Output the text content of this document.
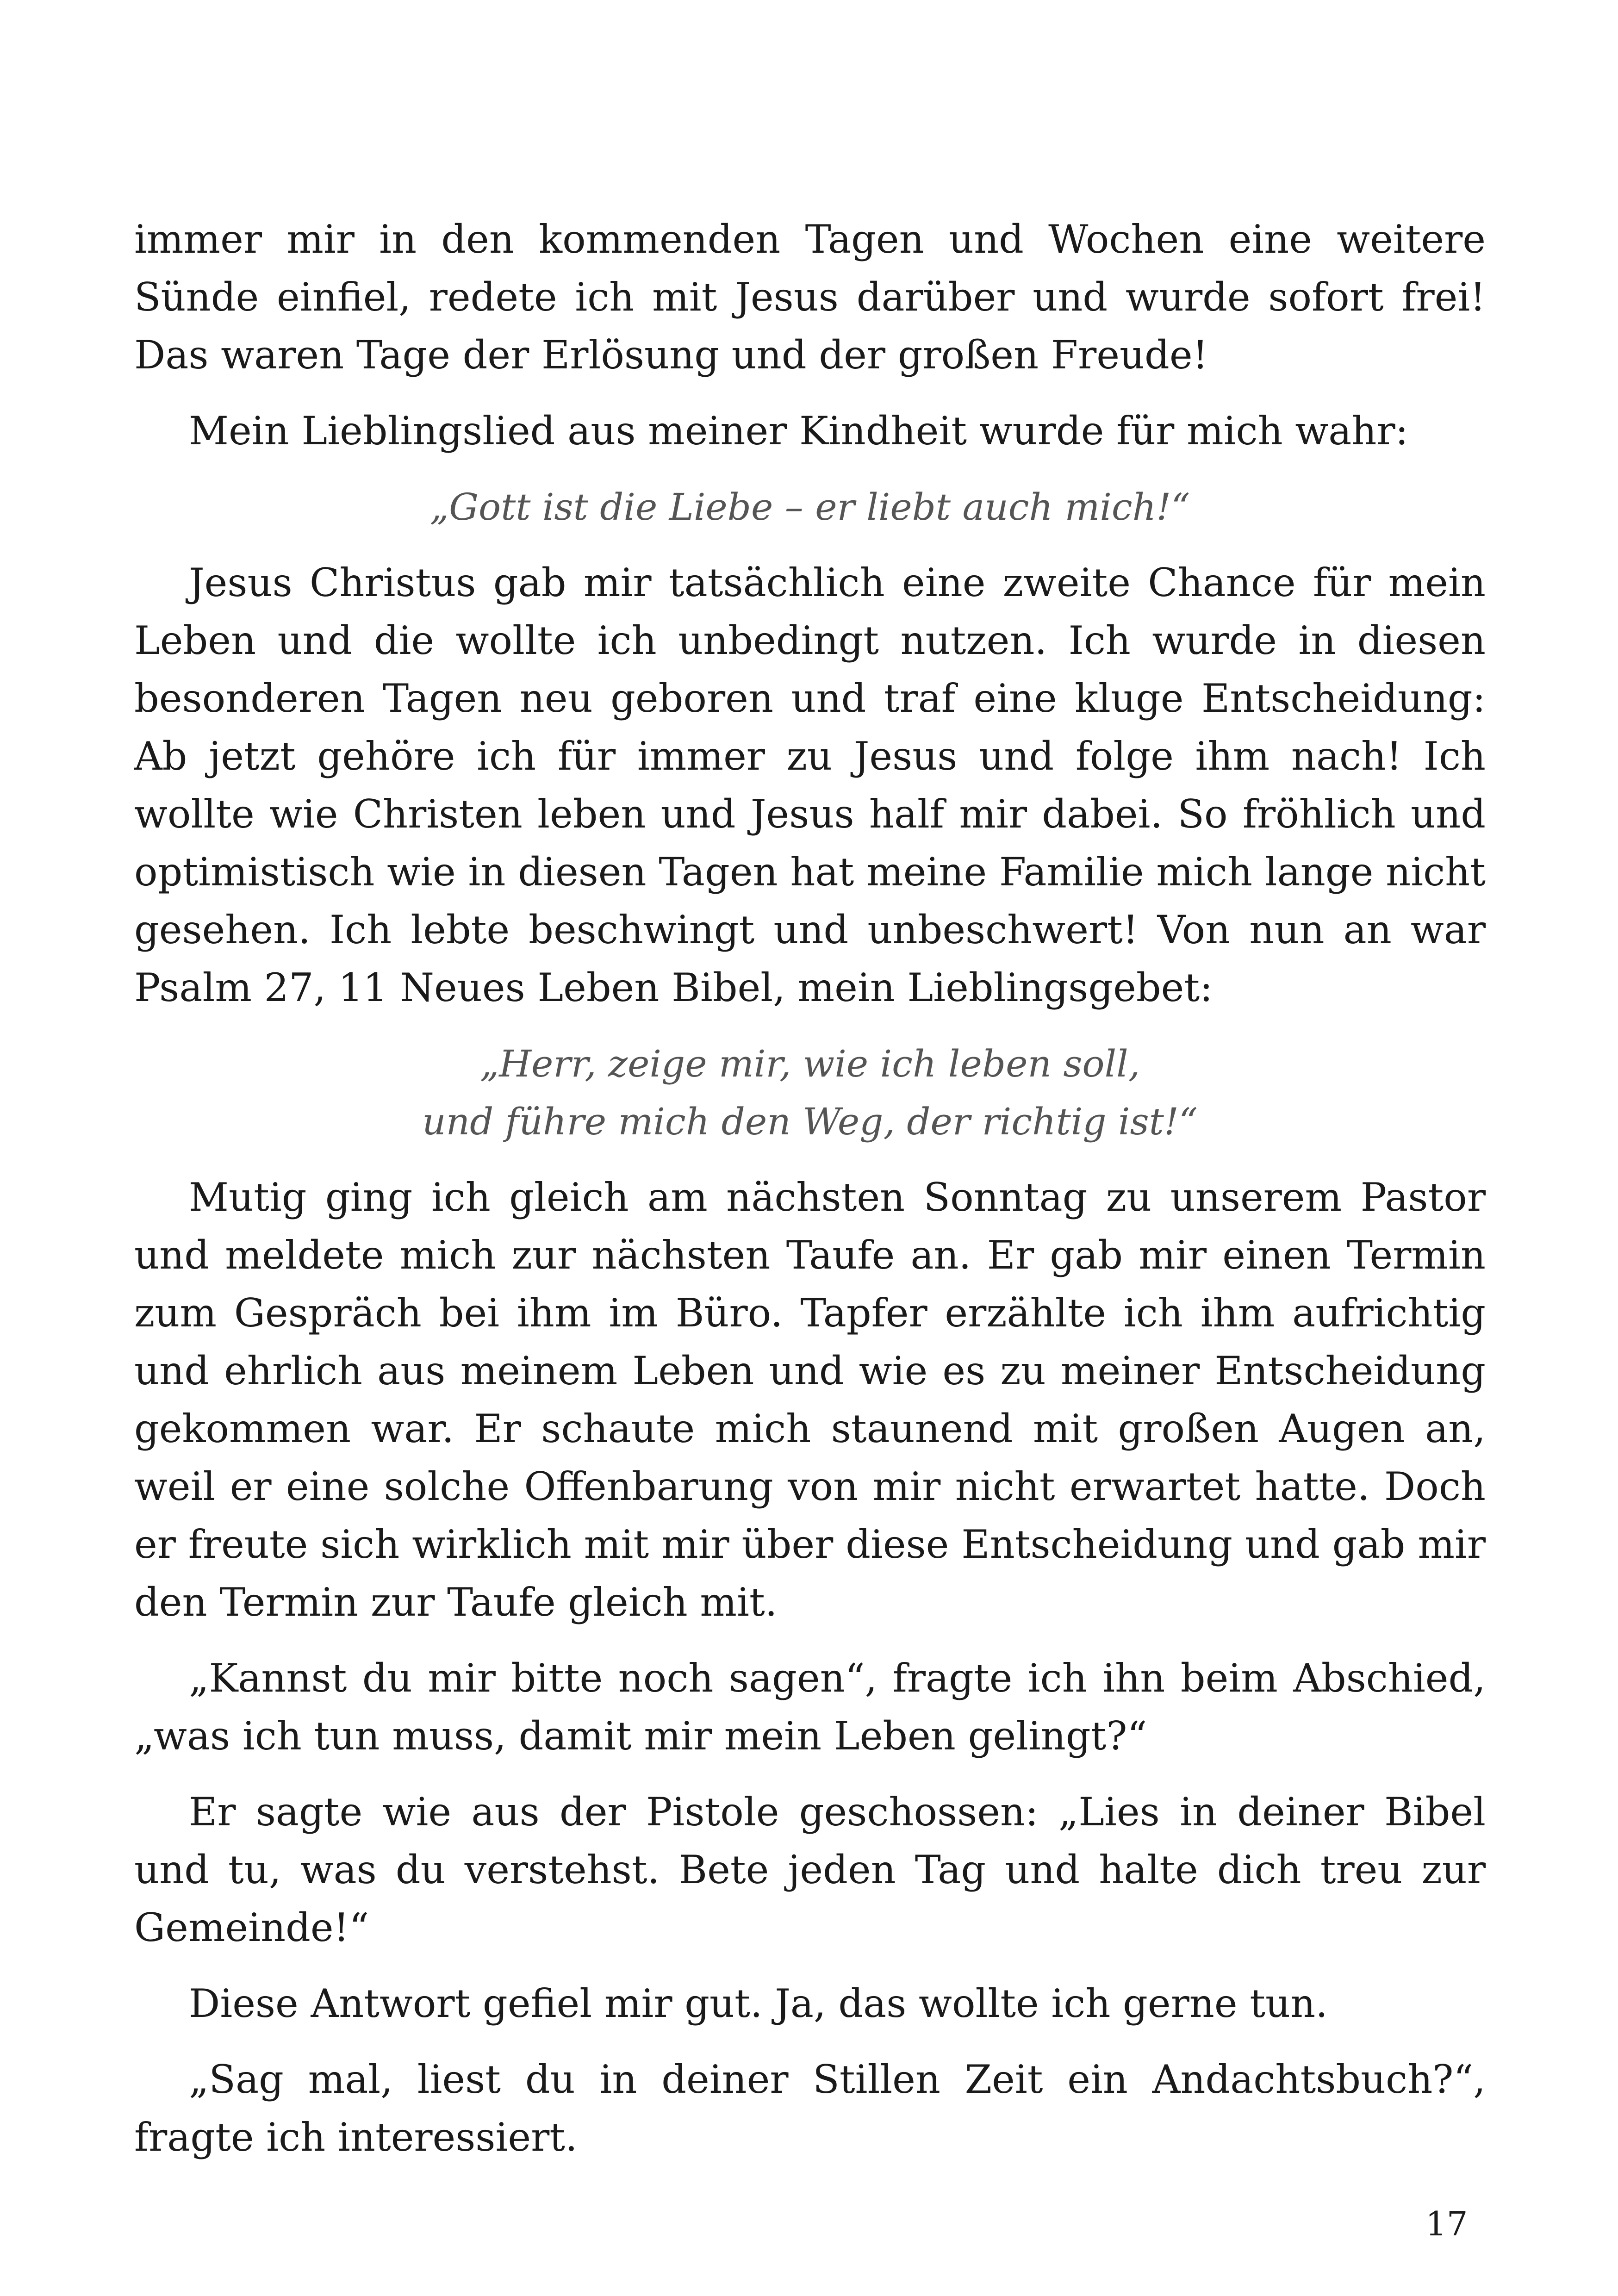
immer mir in den kommenden Tagen und Wochen eine weitere Sünde einfiel, redete ich mit Jesus darüber und wurde sofort frei! Das waren Tage der Erlösung und der großen Freude!

Mein Lieblingslied aus meiner Kindheit wurde für mich wahr:

„Gott ist die Liebe – er liebt auch mich!“

Jesus Christus gab mir tatsächlich eine zweite Chance für mein Leben und die wollte ich unbedingt nutzen. Ich wurde in diesen besonderen Tagen neu geboren und traf eine kluge Entscheidung: Ab jetzt gehöre ich für immer zu Jesus und folge ihm nach! Ich wollte wie Christen leben und Jesus half mir dabei. So fröhlich und optimistisch wie in diesen Tagen hat meine Familie mich lange nicht gesehen. Ich lebte beschwingt und unbeschwert! Von nun an war Psalm 27, 11 Neues Leben Bibel, mein Lieblingsgebet:

„Herr, zeige mir, wie ich leben soll,
und führe mich den Weg, der richtig ist!“

Mutig ging ich gleich am nächsten Sonntag zu unserem Pastor und meldete mich zur nächsten Taufe an. Er gab mir einen Termin zum Gespräch bei ihm im Büro. Tapfer erzählte ich ihm aufrichtig und ehrlich aus meinem Leben und wie es zu meiner Entscheidung gekommen war. Er schaute mich staunend mit großen Augen an, weil er eine solche Offenbarung von mir nicht erwartet hatte. Doch er freute sich wirklich mit mir über diese Entscheidung und gab mir den Termin zur Taufe gleich mit.

„Kannst du mir bitte noch sagen“, fragte ich ihn beim Abschied, „was ich tun muss, damit mir mein Leben gelingt?“

Er sagte wie aus der Pistole geschossen: „Lies in deiner Bibel und tu, was du verstehst. Bete jeden Tag und halte dich treu zur Gemeinde!“

Diese Antwort gefiel mir gut. Ja, das wollte ich gerne tun.

„Sag mal, liest du in deiner Stillen Zeit ein Andachtsbuch?“, fragte ich interessiert.

17
